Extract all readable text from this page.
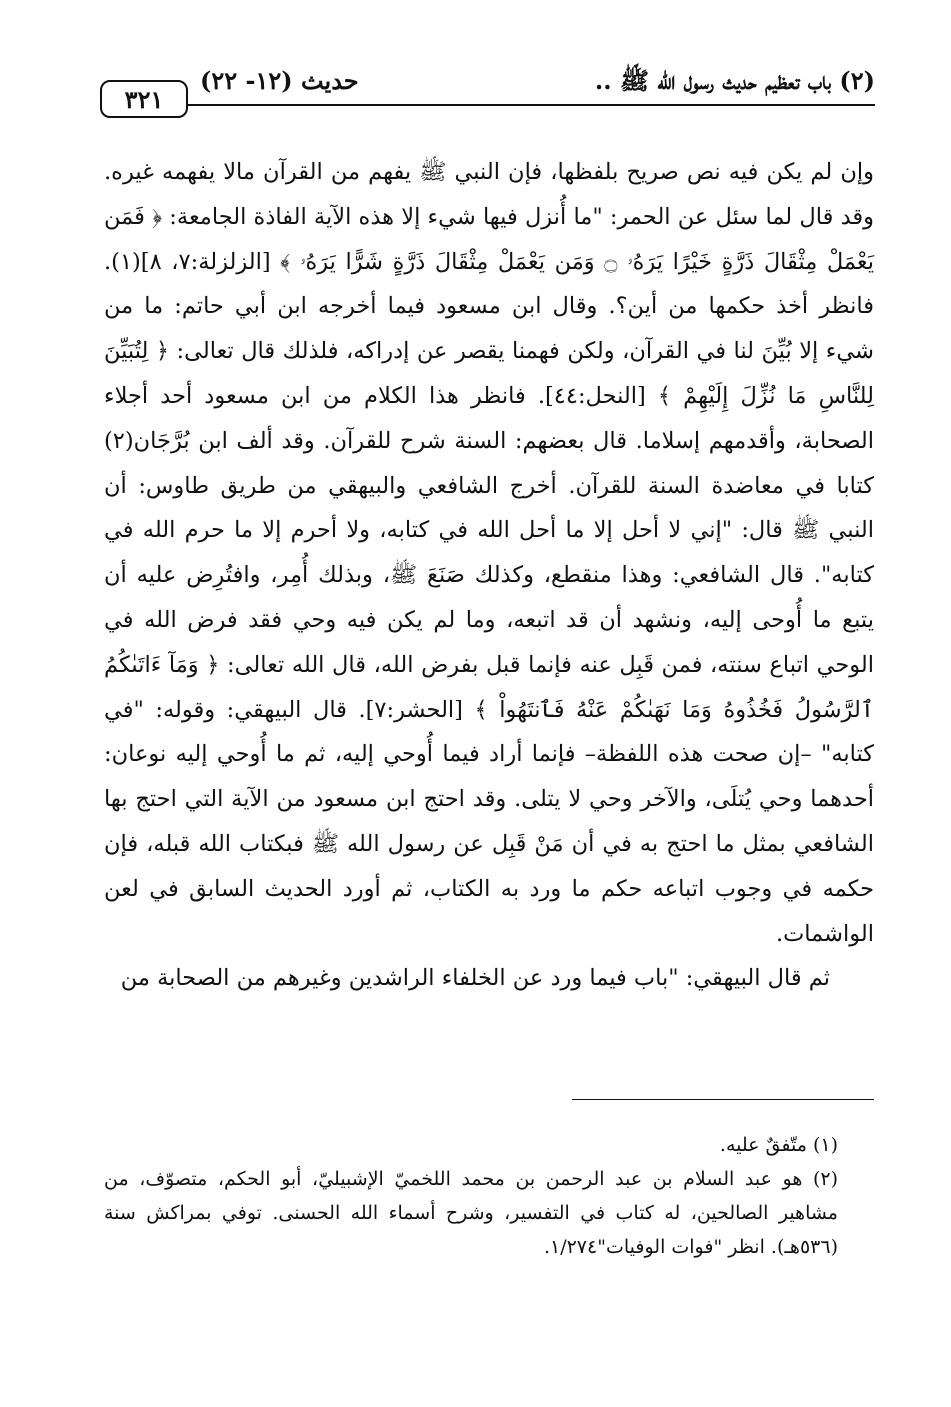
٣٢١
حديث (١٢- ٢٢)	(٢) باب تعظيم حديث رسول الله ﷺ ..

وإن لم يكن فيه نص صريح بلفظها، فإن النبي ﷺ يفهم من القرآن مالا يفهمه غيره. وقد قال لما سئل عن الحمر: "ما أُنزل فيها شيء إلا هذه الآية الفاذة الجامعة: ﴿ فَمَن يَعْمَلْ مِثْقَالَ ذَرَّةٍ خَيْرًا يَرَهُۥ ۝ وَمَن يَعْمَلْ مِثْقَالَ ذَرَّةٍ شَرًّا يَرَهُۥ ﴾ [الزلزلة:٧، ٨](١). فانظر أخذ حكمها من أين؟. وقال ابن مسعود فيما أخرجه ابن أبي حاتم: ما من شيء إلا بُيِّنَ لنا في القرآن، ولكن فهمنا يقصر عن إدراكه، فلذلك قال تعالى: ﴿ لِتُبَيِّنَ لِلنَّاسِ مَا نُزِّلَ إِلَيْهِمْ ﴾ [النحل:٤٤]. فانظر هذا الكلام من ابن مسعود أحد أجلاء الصحابة، وأقدمهم إسلاما. قال بعضهم: السنة شرح للقرآن. وقد ألف ابن بُرَّجَان(٢) كتابا في معاضدة السنة للقرآن. أخرج الشافعي والبيهقي من طريق طاوس: أن النبي ﷺ قال: "إني لا أحل إلا ما أحل الله في كتابه، ولا أحرم إلا ما حرم الله في كتابه". قال الشافعي: وهذا منقطع، وكذلك صَنَعَ ﷺ، وبذلك أُمِر، وافتُرِض عليه أن يتبع ما أُوحى إليه، ونشهد أن قد اتبعه، وما لم يكن فيه وحي فقد فرض الله في الوحي اتباع سنته، فمن قَبِل عنه فإنما قبل بفرض الله، قال الله تعالى: ﴿ وَمَآ ءَاتَىٰكُمُ ٱلرَّسُولُ فَخُذُوهُ وَمَا نَهَىٰكُمْ عَنْهُ فَٱنتَهُواْ ﴾ [الحشر:٧]. قال البيهقي: وقوله: "في كتابه" –إن صحت هذه اللفظة– فإنما أراد فيما أُوحي إليه، ثم ما أُوحي إليه نوعان: أحدهما وحي يُتلَى، والآخر وحي لا يتلى. وقد احتج ابن مسعود من الآية التي احتج بها الشافعي بمثل ما احتج به في أن مَنْ قَبِل عن رسول الله ﷺ فبكتاب الله قبله، فإن حكمه في وجوب اتباعه حكم ما ورد به الكتاب، ثم أورد الحديث السابق في لعن الواشمات.

ثم قال البيهقي: "باب فيما ورد عن الخلفاء الراشدين وغيرهم من الصحابة من

(١) متّفقٌ عليه.

(٢) هو عبد السلام بن عبد الرحمن بن محمد اللخميّ الإشبيليّ، أبو الحكم، متصوّف، من مشاهير الصالحين، له كتاب في التفسير، وشرح أسماء الله الحسنى. توفي بمراكش سنة (٥٣٦هـ). انظر "فوات الوفيات"١/٢٧٤.
